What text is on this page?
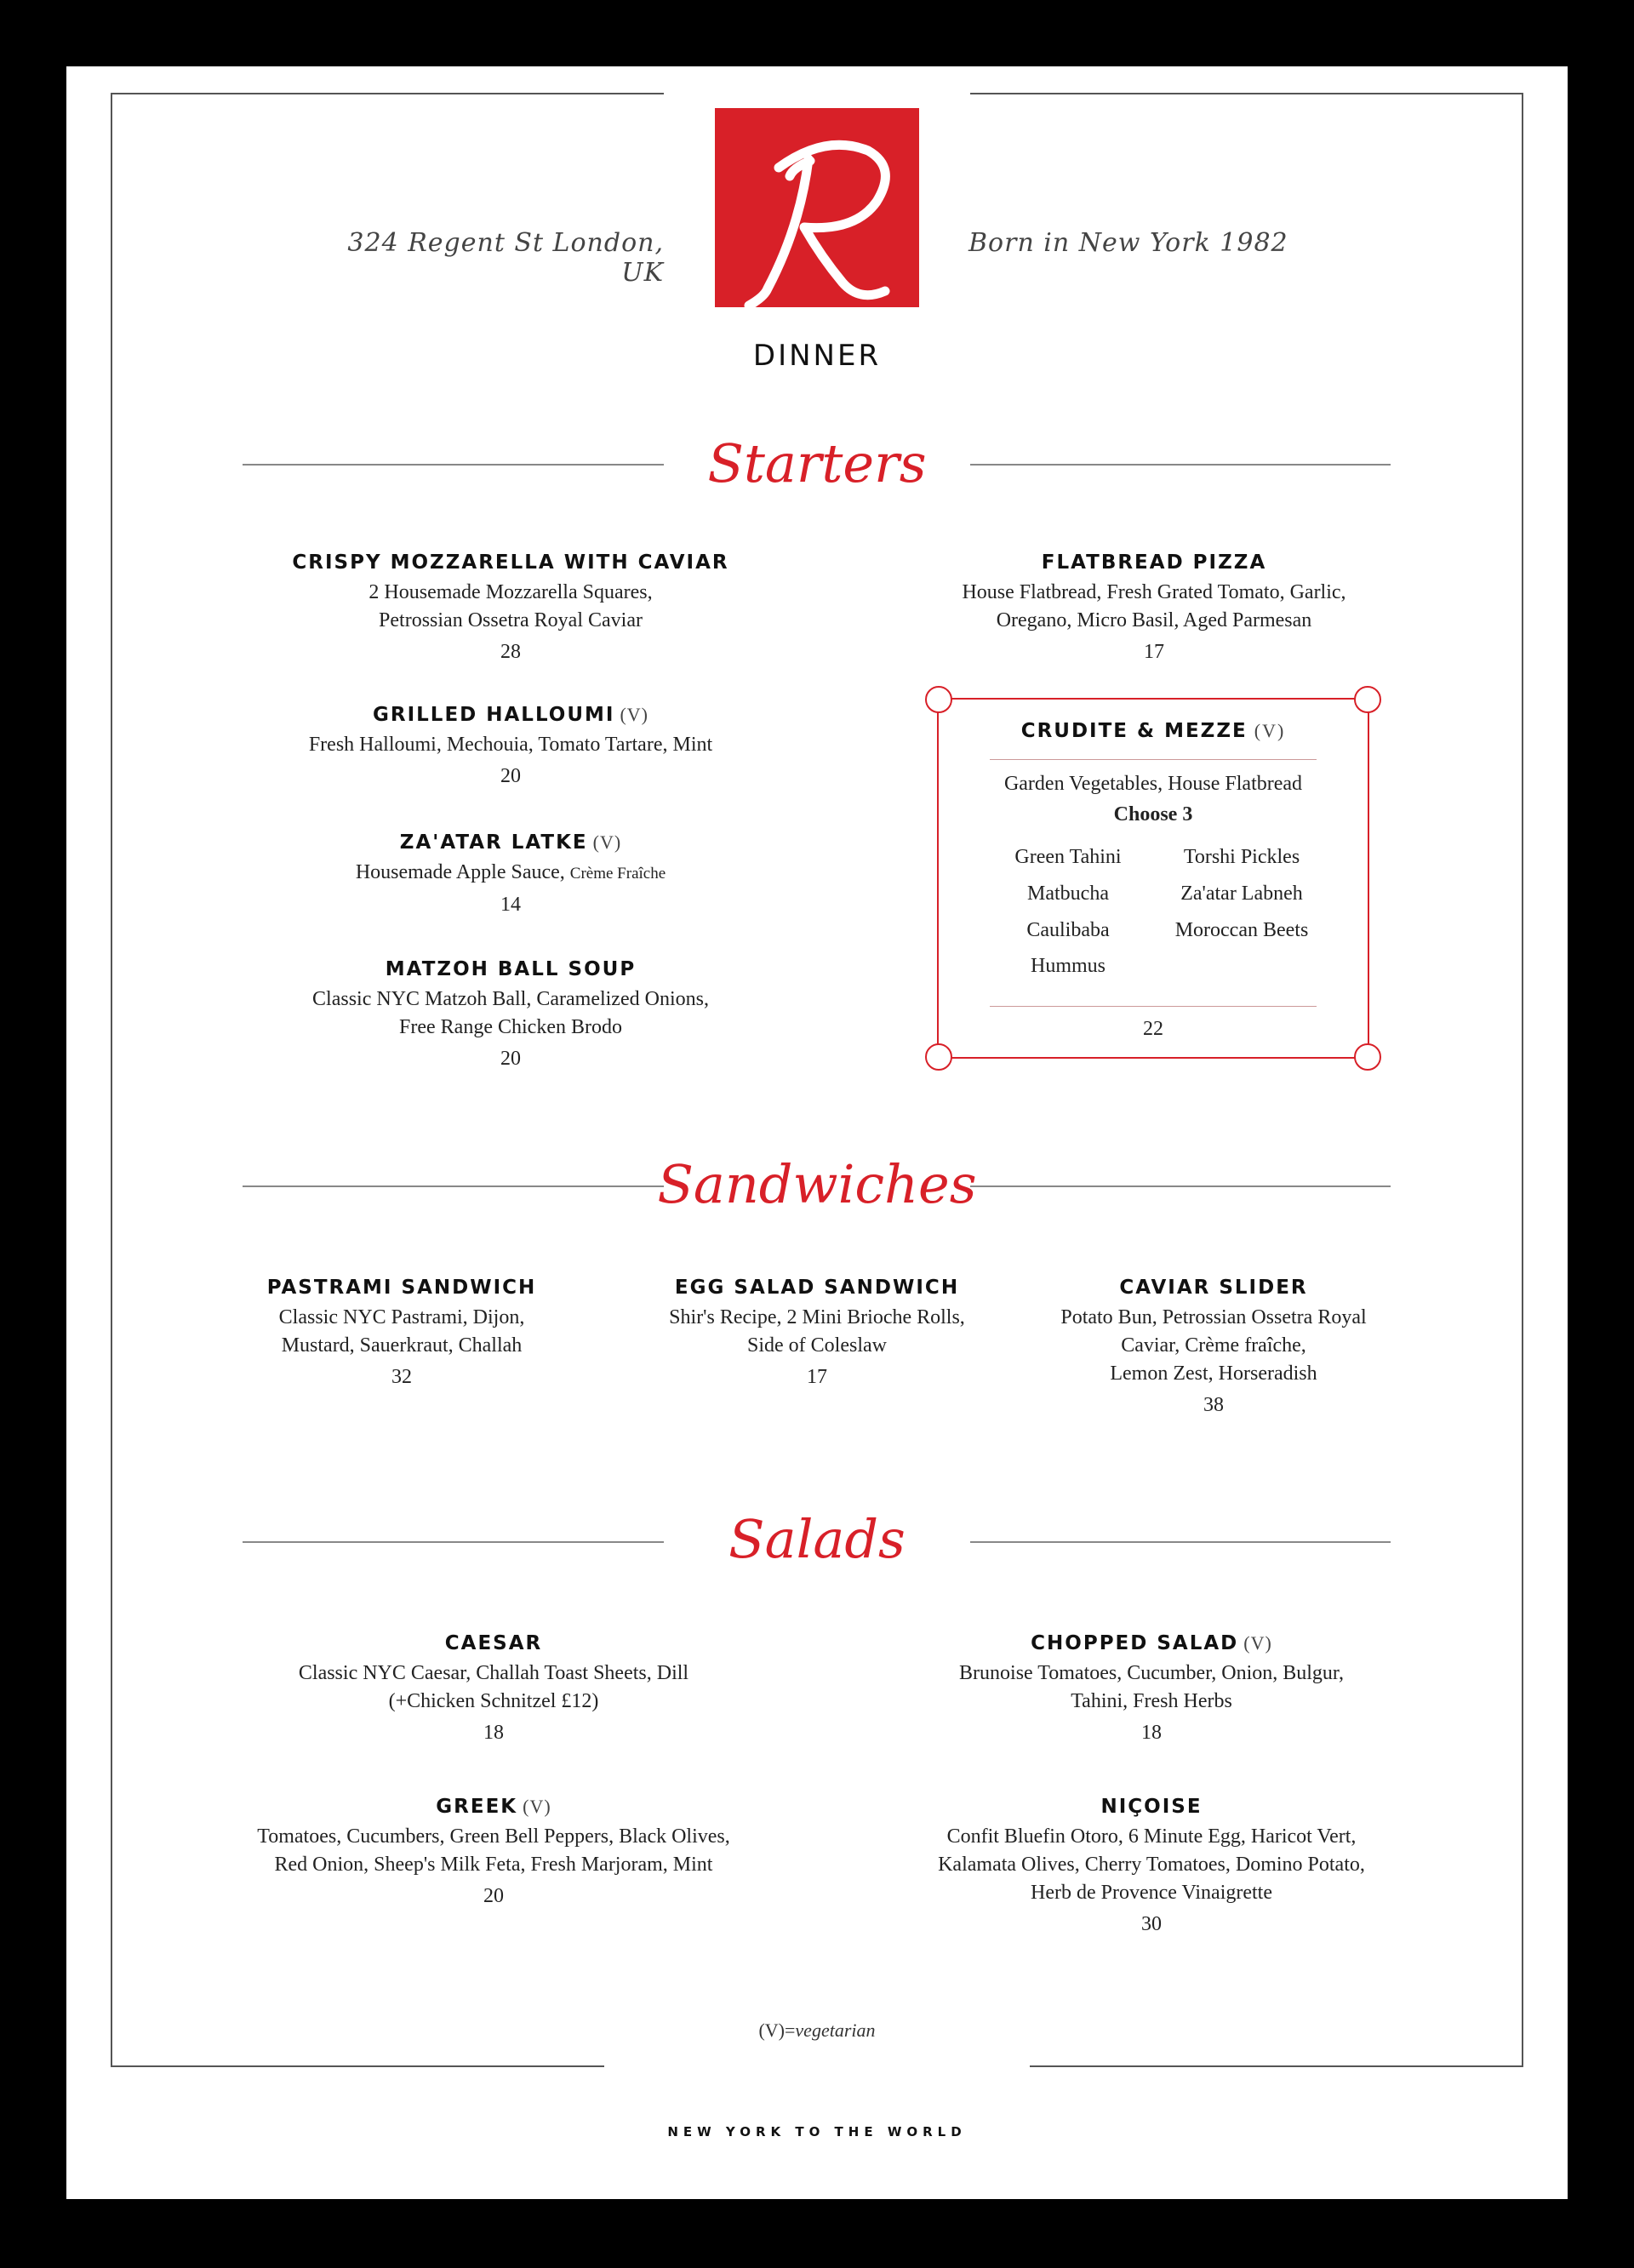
324 Regent St London, UK
Born in New York 1982
DINNER
Starters
CRISPY MOZZARELLA WITH CAVIAR
2 Housemade Mozzarella Squares,
Petrossian Ossetra Royal Caviar
28
GRILLED HALLOUMI (V)
Fresh Halloumi, Mechouia, Tomato Tartare, Mint
20
ZA'ATAR LATKE (V)
Housemade Apple Sauce, Crème Fraîche
14
MATZOH BALL SOUP
Classic NYC Matzoh Ball, Caramelized Onions,
Free Range Chicken Brodo
20
FLATBREAD PIZZA
House Flatbread, Fresh Grated Tomato, Garlic,
Oregano, Micro Basil, Aged Parmesan
17
CRUDITE & MEZZE (V)
Garden Vegetables, House Flatbread
Choose 3
Green Tahini
Matbucha
Caulibaba
Hummus
Torshi Pickles
Za'atar Labneh
Moroccan Beets
22
Sandwiches
PASTRAMI SANDWICH
Classic NYC Pastrami, Dijon,
Mustard, Sauerkraut, Challah
32
EGG SALAD SANDWICH
Shir's Recipe, 2 Mini Brioche Rolls,
Side of Coleslaw
17
CAVIAR SLIDER
Potato Bun, Petrossian Ossetra Royal
Caviar, Crème fraîche,
Lemon Zest, Horseradish
38
Salads
CAESAR
Classic NYC Caesar, Challah Toast Sheets, Dill
(+Chicken Schnitzel £12)
18
CHOPPED SALAD (V)
Brunoise Tomatoes, Cucumber, Onion, Bulgur,
Tahini, Fresh Herbs
18
GREEK (V)
Tomatoes, Cucumbers, Green Bell Peppers, Black Olives,
Red Onion, Sheep's Milk Feta, Fresh Marjoram, Mint
20
NIÇOISE
Confit Bluefin Otoro, 6 Minute Egg, Haricot Vert,
Kalamata Olives, Cherry Tomatoes, Domino Potato,
Herb de Provence Vinaigrette
30
(V)=vegetarian
NEW YORK TO THE WORLD
